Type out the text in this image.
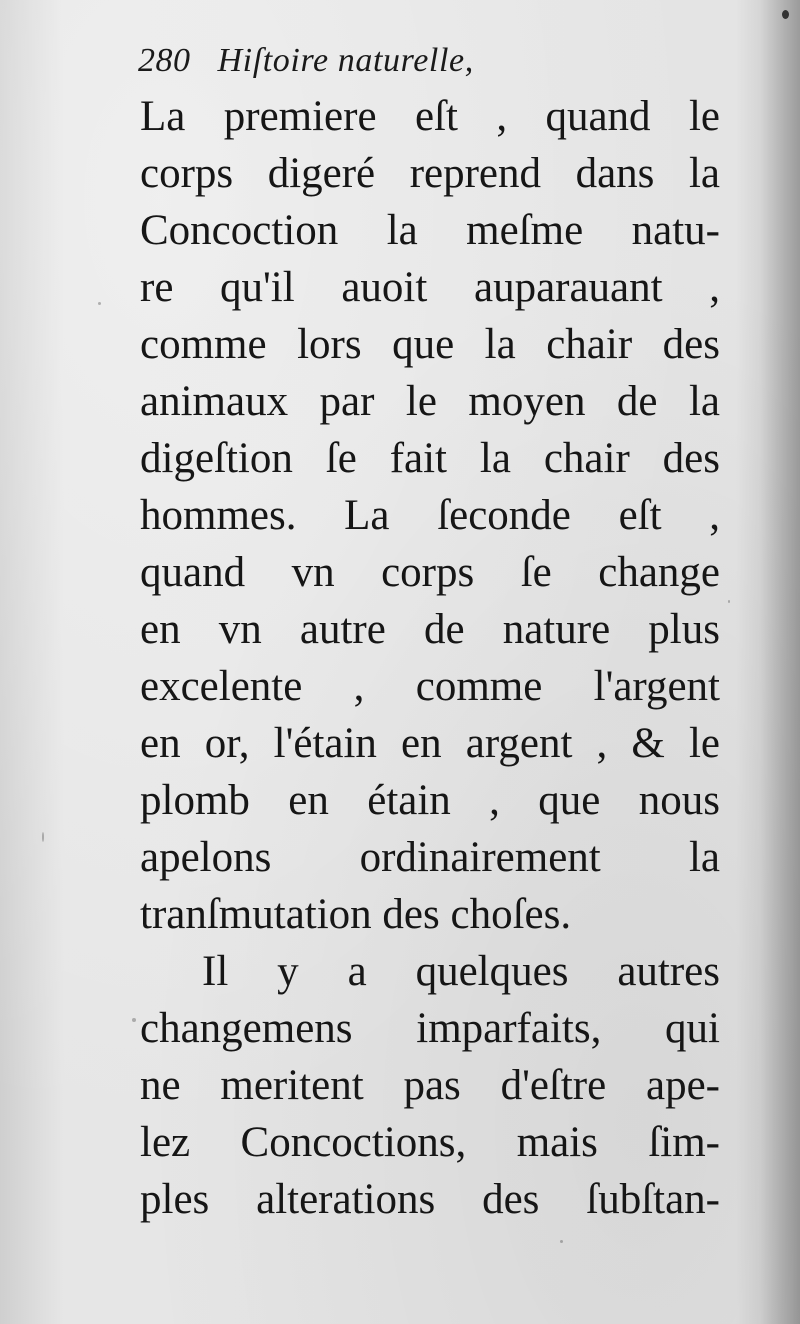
280 Hiſtoire naturelle,
La premiere eſt , quand le
corps digeré reprend dans la
Concoction la meſme natu-
re qu'il auoit auparauant ,
comme lors que la chair des
animaux par le moyen de la
digeſtion ſe fait la chair des
hommes. La ſeconde eſt ,
quand vn corps ſe change
en vn autre de nature plus
excelente , comme l'argent
en or, l'étain en argent , & le
plomb en étain , que nous
apelons ordinairement la
tranſmutation des choſes.
Il y a quelques autres
changemens imparfaits, qui
ne meritent pas d'eſtre ape-
lez Concoctions, mais ſim-
ples alterations des ſubſtan-
